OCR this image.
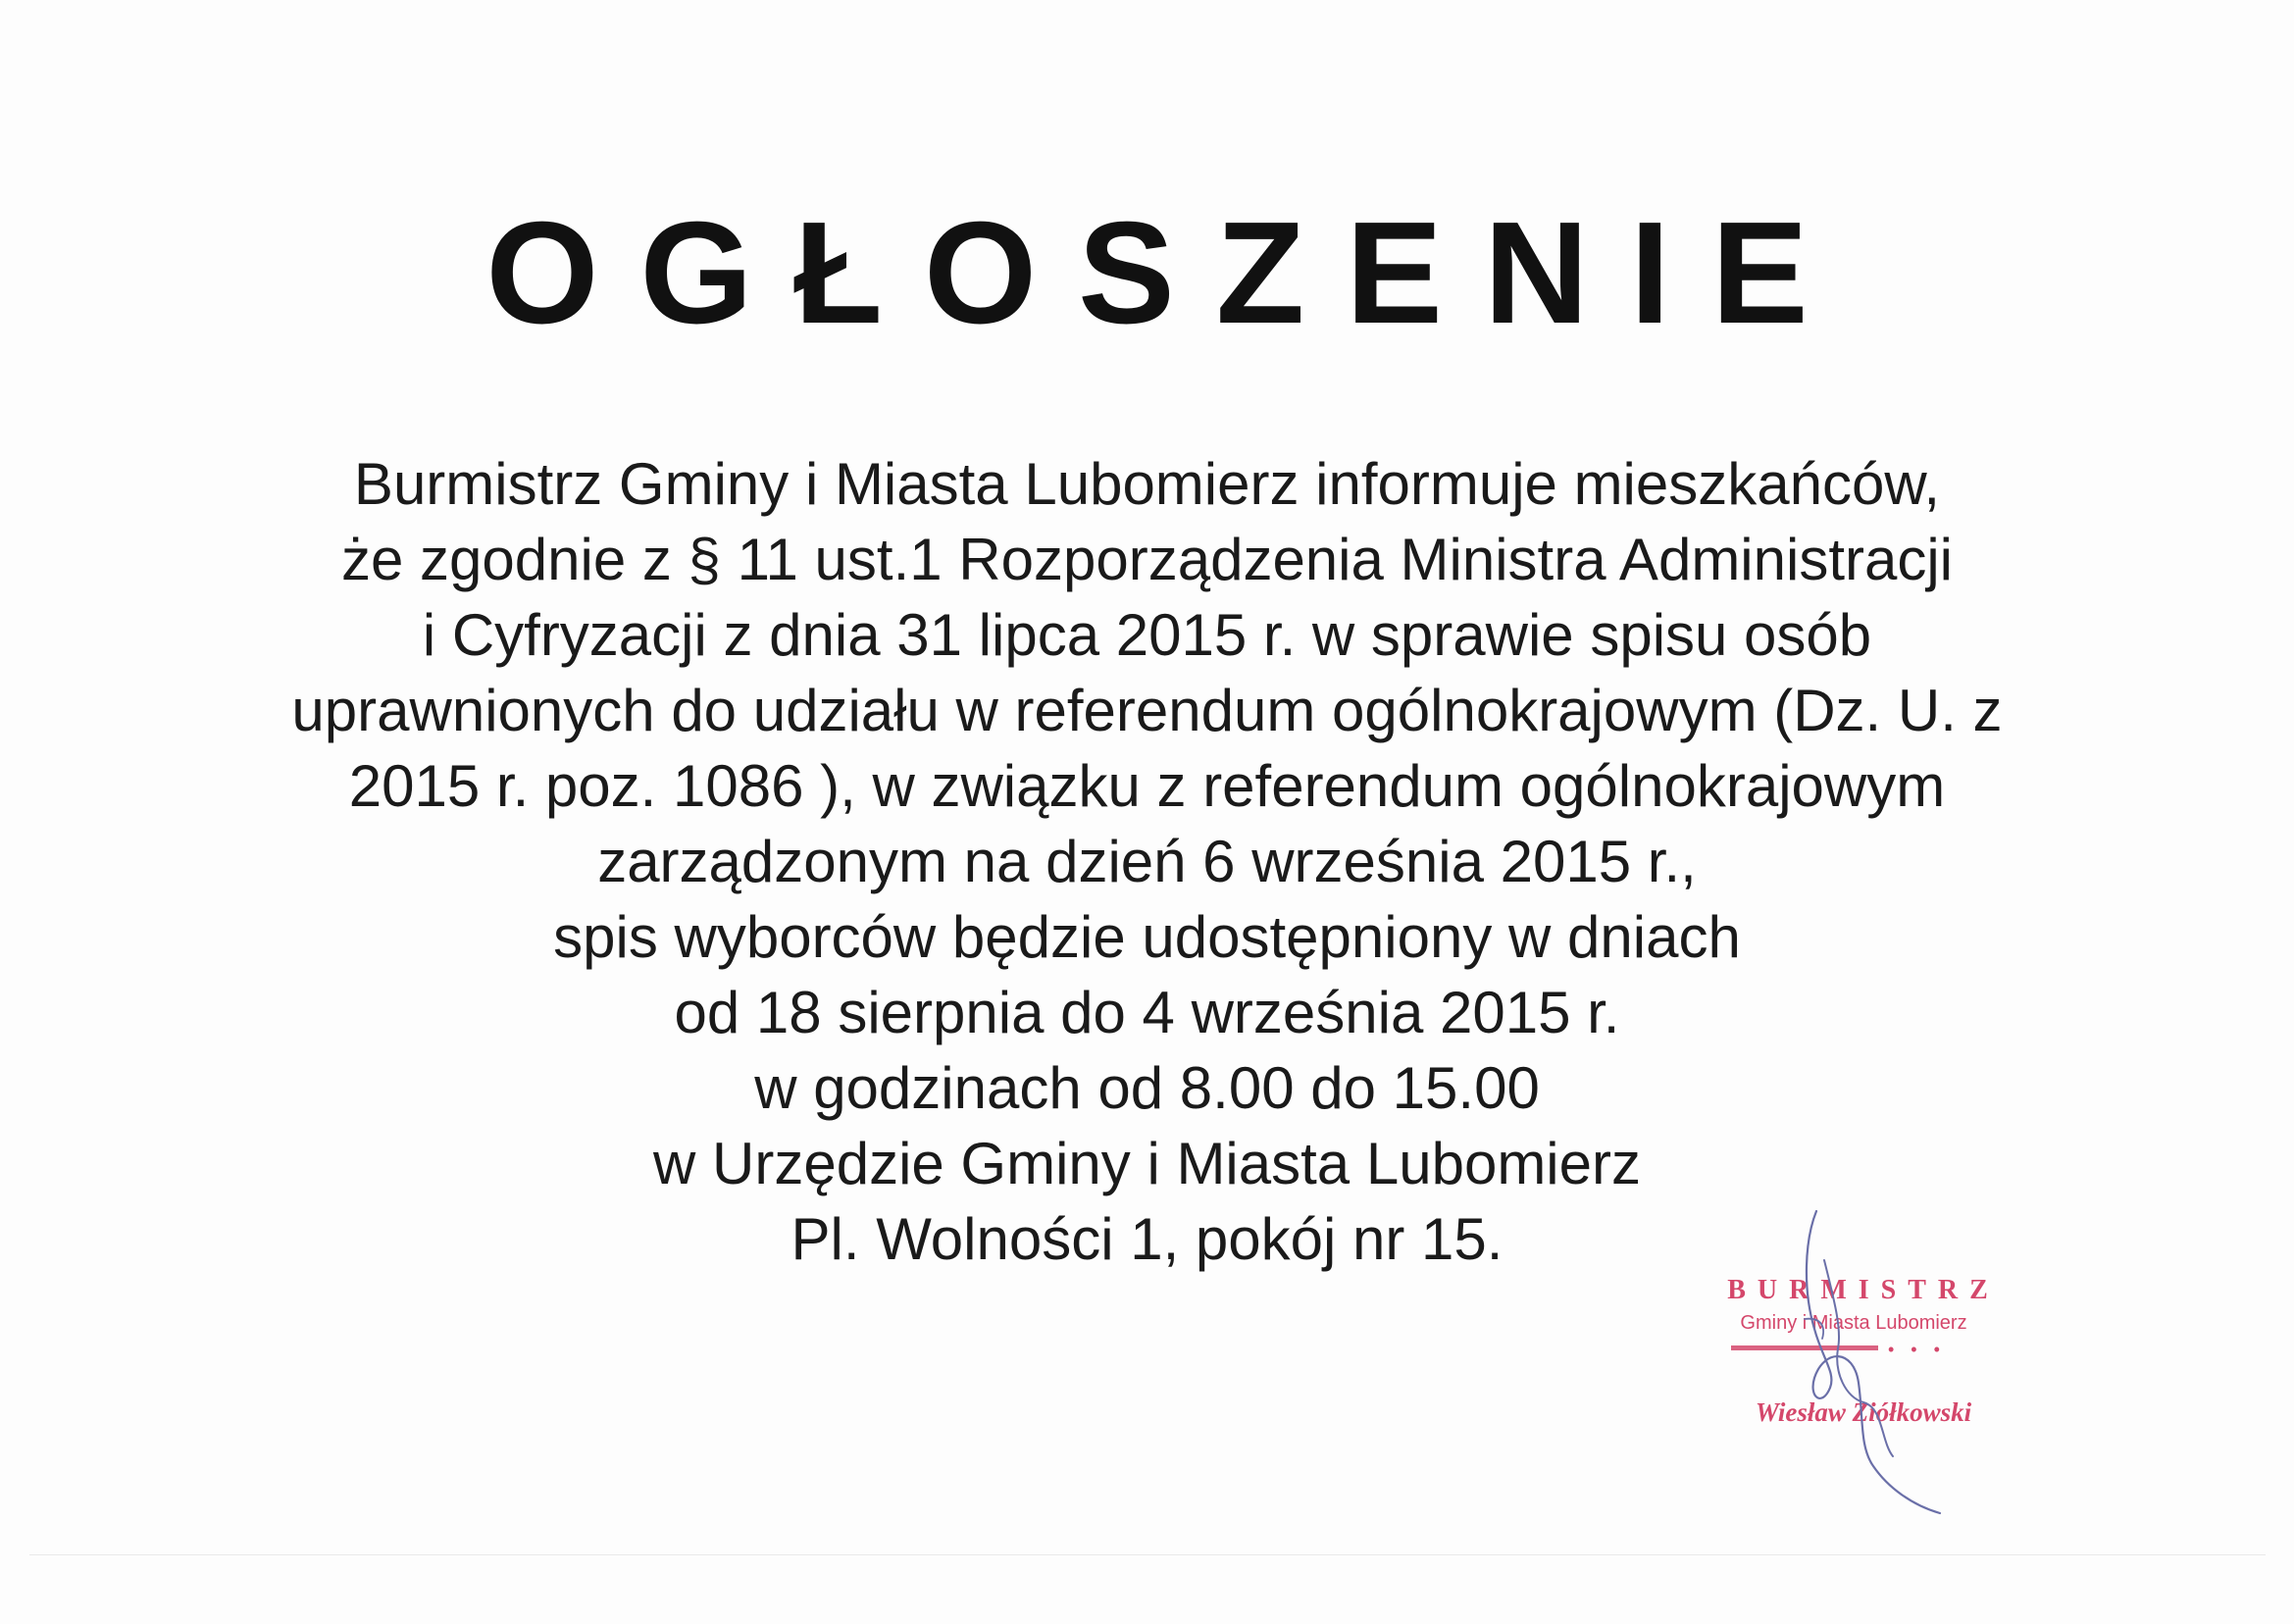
OGŁOSZENIE
Burmistrz Gminy i Miasta Lubomierz informuje mieszkańców,
że zgodnie z § 11 ust.1 Rozporządzenia Ministra Administracji
i Cyfryzacji z dnia 31 lipca 2015 r. w sprawie spisu osób
uprawnionych do udziału w referendum ogólnokrajowym (Dz. U. z
2015 r. poz. 1086 ), w związku z referendum ogólnokrajowym
zarządzonym na dzień 6 września 2015 r.,
spis wyborców będzie udostępniony w dniach
od 18 sierpnia do 4 września 2015 r.
w godzinach od 8.00 do 15.00
w Urzędzie Gminy i Miasta Lubomierz
Pl. Wolności 1, pokój nr 15.
BURMISTRZ
Gminy i Miasta Lubomierz
• • •
Wiesław Ziółkowski
